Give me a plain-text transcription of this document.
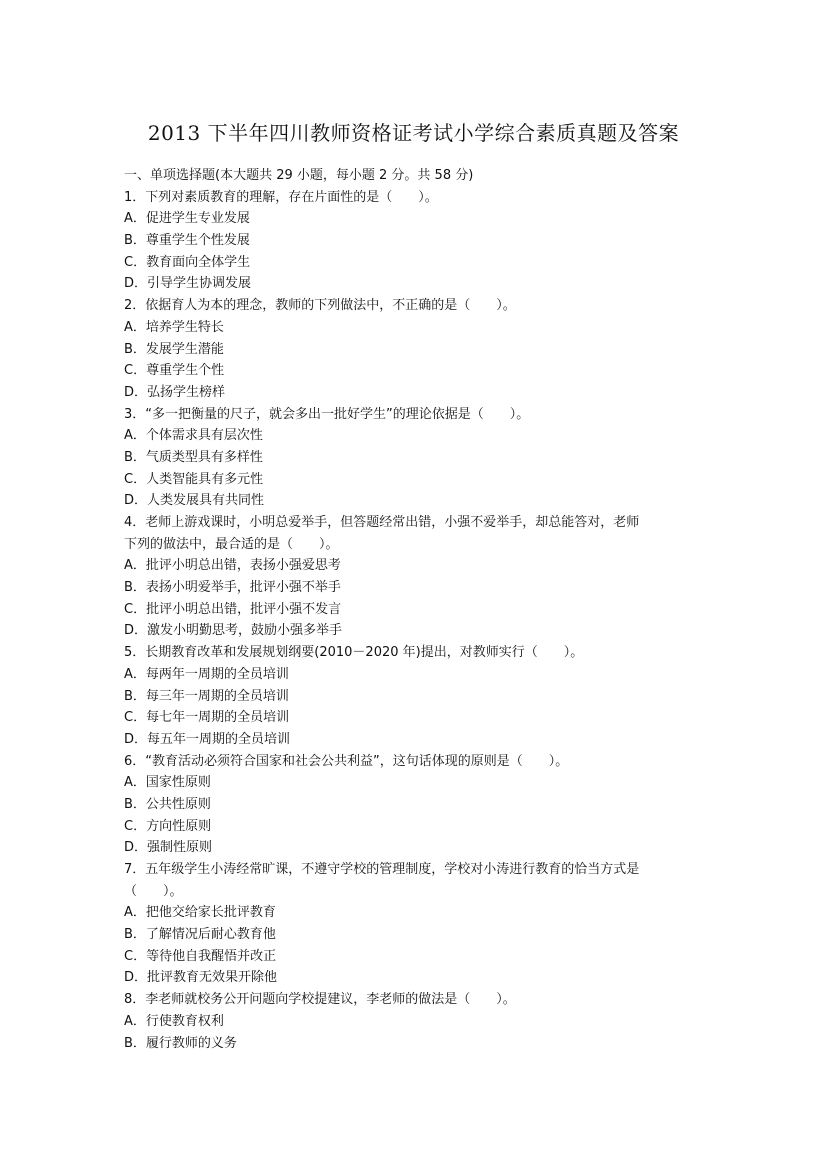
2013 下半年四川教师资格证考试小学综合素质真题及答案
一、单项选择题(本大题共 29 小题，每小题 2 分。共 58 分)
1．下列对素质教育的理解，存在片面性的是（　　）。
A．促进学生专业发展
B．尊重学生个性发展
C．教育面向全体学生
D．引导学生协调发展
2．依据育人为本的理念，教师的下列做法中，不正确的是（　　）。
A．培养学生特长
B．发展学生潜能
C．尊重学生个性
D．弘扬学生榜样
3．“多一把衡量的尺子，就会多出一批好学生”的理论依据是（　　）。
A．个体需求具有层次性
B．气质类型具有多样性
C．人类智能具有多元性
D．人类发展具有共同性
4．老师上游戏课时，小明总爱举手，但答题经常出错，小强不爱举手，却总能答对，老师
下列的做法中，最合适的是（　　）。
A．批评小明总出错，表扬小强爱思考
B．表扬小明爱举手，批评小强不举手
C．批评小明总出错，批评小强不发言
D．激发小明勤思考，鼓励小强多举手
5．长期教育改革和发展规划纲要(2010－2020 年)提出，对教师实行（　　）。
A．每两年一周期的全员培训
B．每三年一周期的全员培训
C．每七年一周期的全员培训
D．每五年一周期的全员培训
6．“教育活动必须符合国家和社会公共利益”，这句话体现的原则是（　　）。
A．国家性原则
B．公共性原则
C．方向性原则
D．强制性原则
7．五年级学生小涛经常旷课，不遵守学校的管理制度，学校对小涛进行教育的恰当方式是
（　　）。
A．把他交给家长批评教育
B．了解情况后耐心教育他
C．等待他自我醒悟并改正
D．批评教育无效果开除他
8．李老师就校务公开问题向学校提建议，李老师的做法是（　　）。
A．行使教育权利
B．履行教师的义务
